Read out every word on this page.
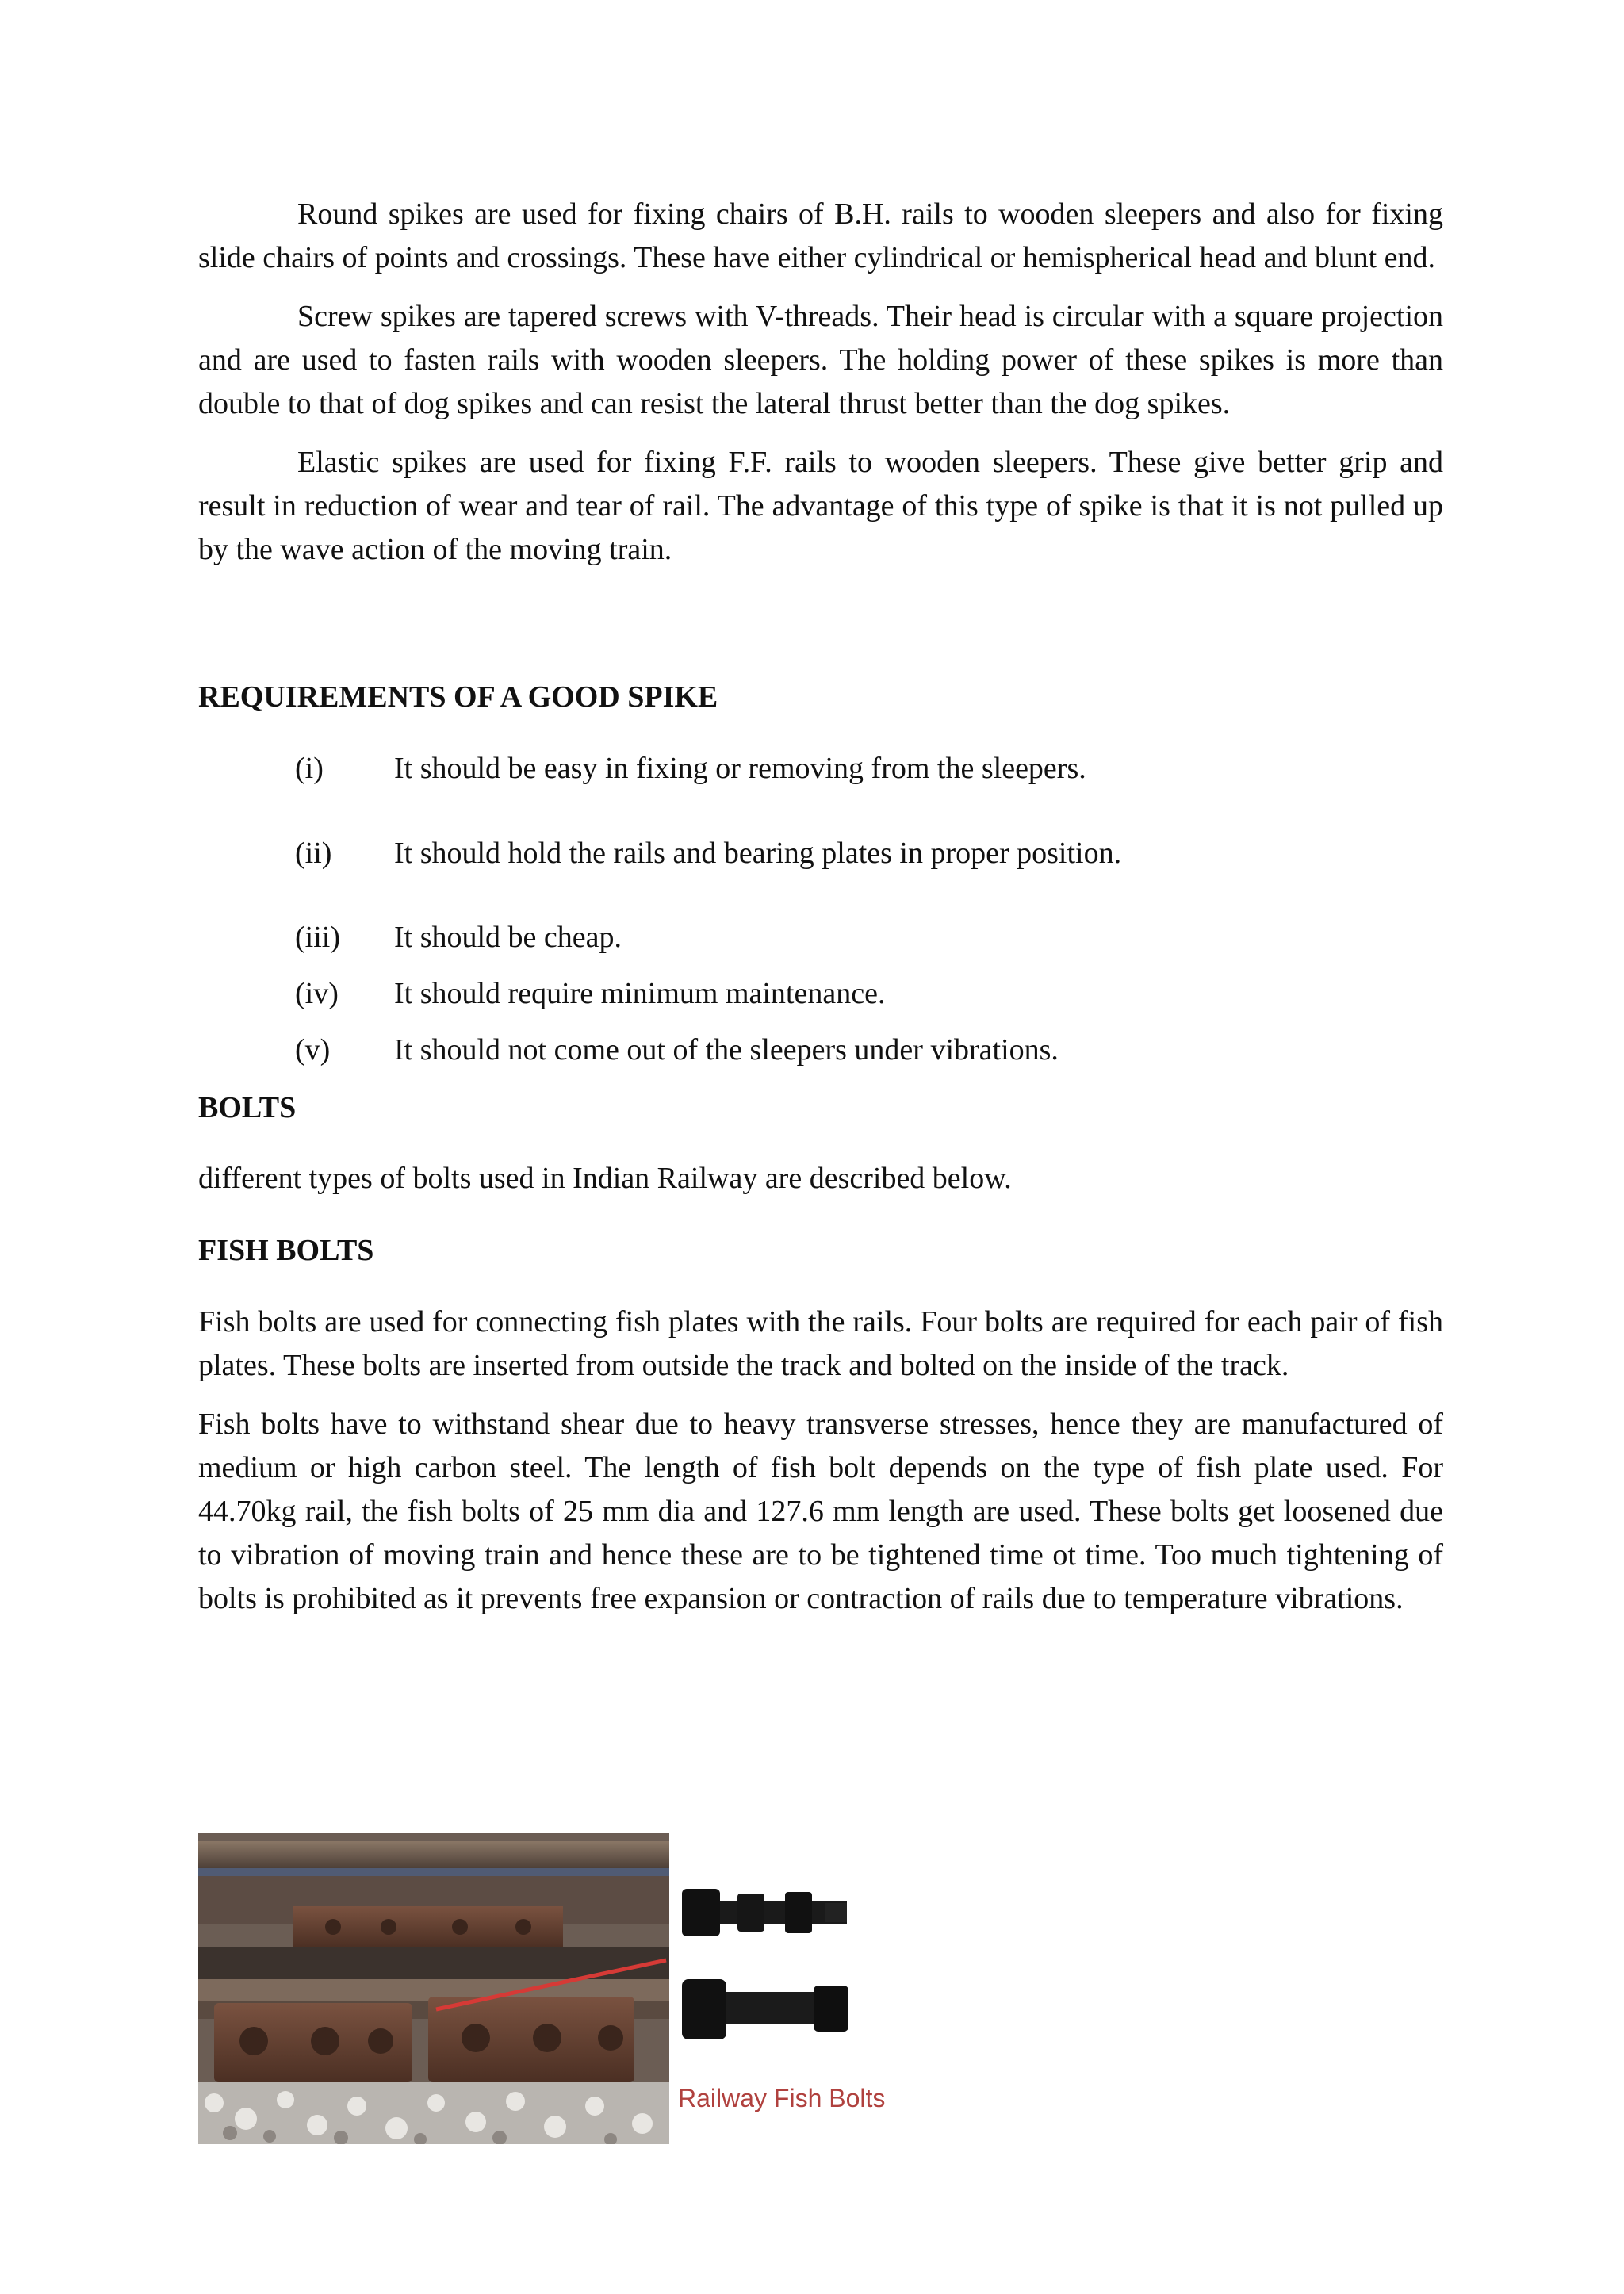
Round spikes are used for fixing chairs of B.H. rails to wooden sleepers and also for fixing slide chairs of points and crossings. These have either cylindrical or hemispherical head and blunt end.

Screw spikes are tapered screws with V-threads. Their head is circular with a square projection and are used to fasten rails with wooden sleepers. The holding power of these spikes is more than double to that of dog spikes and can resist the lateral thrust better than the dog spikes.

Elastic spikes are used for fixing F.F. rails to wooden sleepers. These give better grip and result in reduction of wear and tear of rail. The advantage of this type of spike is that it is not pulled up by the wave action of the moving train.

REQUIREMENTS OF A GOOD SPIKE

(i)	It should be easy in fixing or removing from the sleepers.
(ii)	It should hold the rails and bearing plates in proper position.
(iii)	It should be cheap.
(iv)	It should require minimum maintenance.
(v)	It should not come out of the sleepers under vibrations.

BOLTS

different types of bolts used in Indian Railway are described below.

FISH BOLTS

Fish bolts are used for connecting fish plates with the rails. Four bolts are required for each pair of fish plates. These bolts are inserted from outside the track and bolted on the inside of the track.

Fish bolts have to withstand shear due to heavy transverse stresses, hence they are manufactured of medium or high carbon steel. The length of fish bolt depends on the type of fish plate used. For 44.70kg rail, the fish bolts of 25 mm dia and 127.6 mm length are used. These bolts get loosened due to vibration of moving train and hence these are to be tightened time ot time. Too much tightening of bolts is prohibited as it prevents free expansion or contraction of rails due to temperature vibrations.

Railway Fish Bolts
